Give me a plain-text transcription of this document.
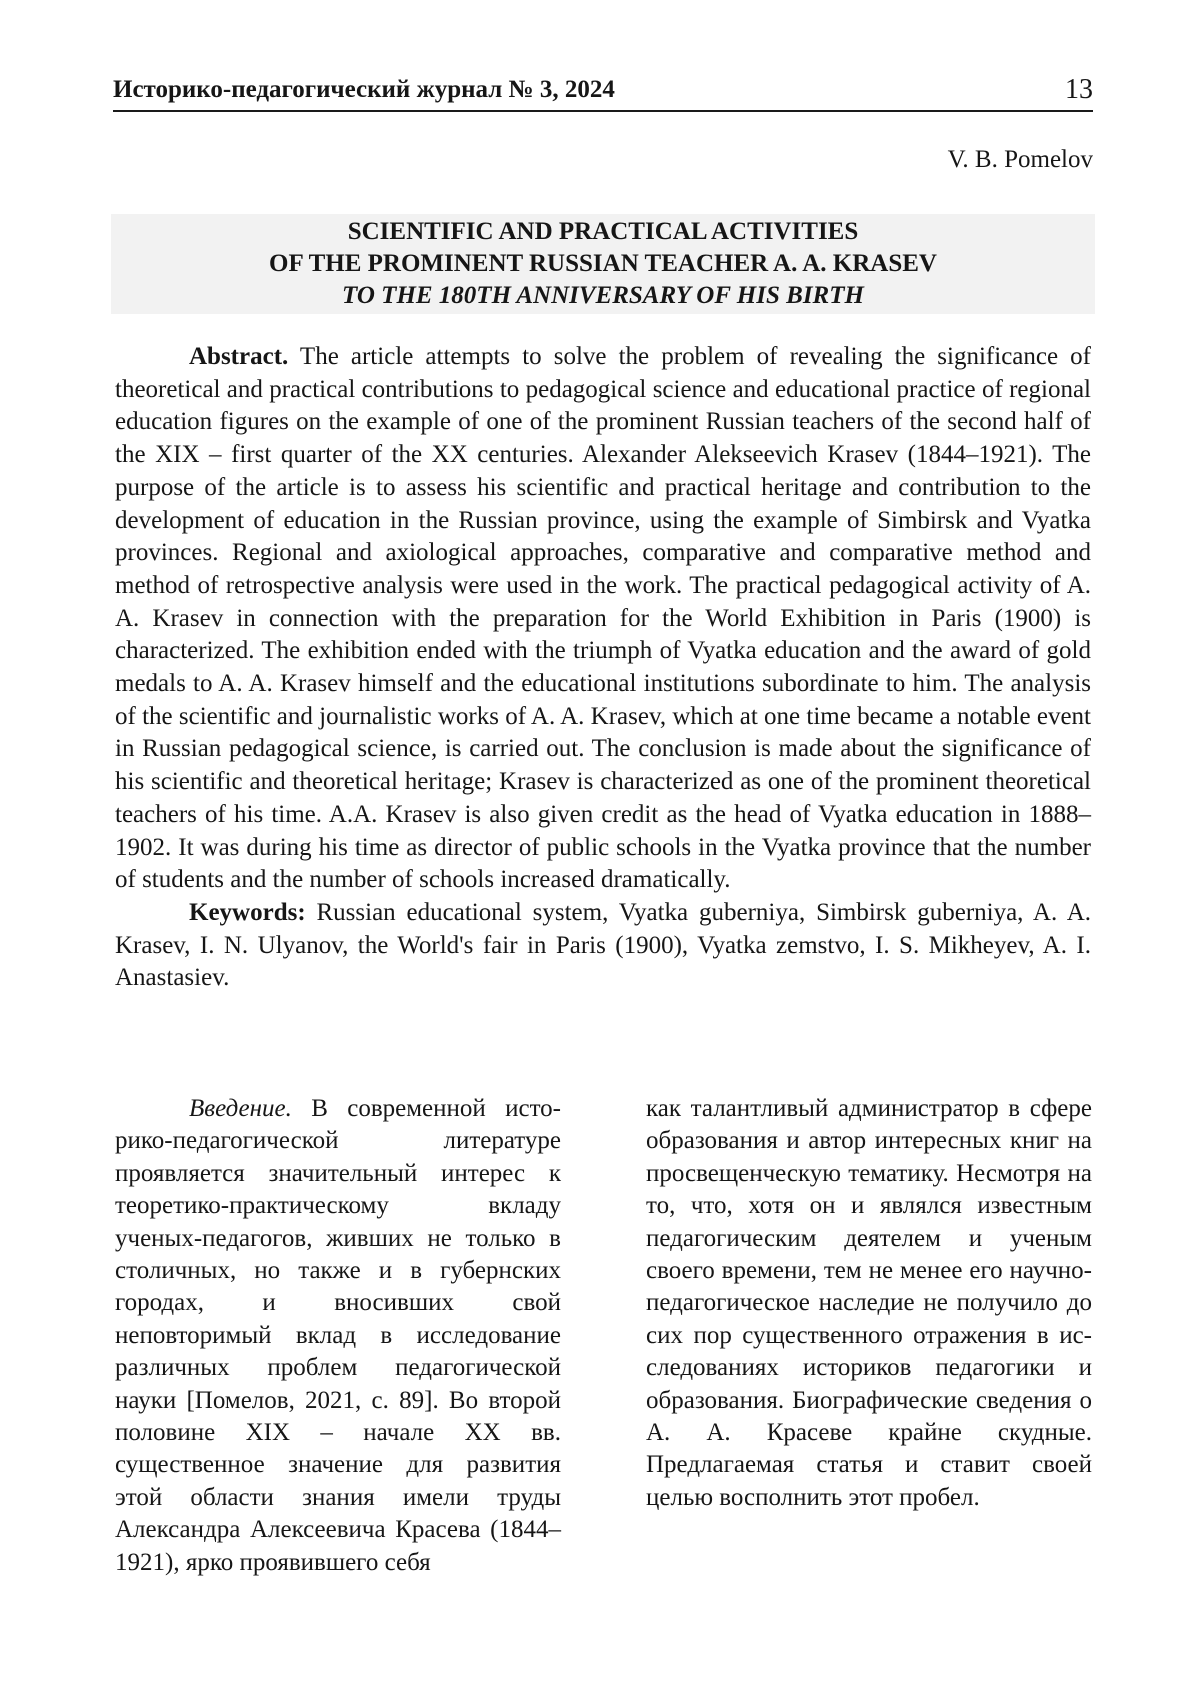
Историко-педагогический журнал № 3, 2024	13
V. B. Pomelov
SCIENTIFIC AND PRACTICAL ACTIVITIES
OF THE PROMINENT RUSSIAN TEACHER A. A. KRASEV
TO THE 180TH ANNIVERSARY OF HIS BIRTH

Abstract. The article attempts to solve the problem of revealing the significance of theoretical and practical contributions to pedagogical science and educational practice of regional education figures on the example of one of the prominent Russian teachers of the second half of the XIX – first quarter of the XX centuries. Alexander Alekseevich Krasev (1844–1921). The purpose of the article is to assess his scientific and practical heritage and contribution to the development of education in the Russian province, using the example of Simbirsk and Vyatka provinces. Regional and axiological approaches, comparative and comparative method and method of retrospective analysis were used in the work. The practical pedagogical activity of A. A. Krasev in connection with the preparation for the World Exhibition in Paris (1900) is characterized. The exhibition ended with the triumph of Vyatka education and the award of gold medals to A. A. Krasev himself and the educational institutions subordinate to him. The analysis of the scientific and journalistic works of A. A. Krasev, which at one time became a notable event in Russian pedagogical science, is carried out. The conclusion is made about the significance of his scientific and theoretical heritage; Krasev is characterized as one of the prominent theoretical teachers of his time. A.A. Krasev is also given credit as the head of Vyatka education in 1888–1902. It was during his time as director of public schools in the Vyatka province that the number of students and the number of schools increased dramatically.

Keywords: Russian educational system, Vyatka guberniya, Simbirsk guberniya, A. A. Krasev, I. N. Ulyanov, the World's fair in Paris (1900), Vyatka zemstvo, I. S. Mikheyev, A. I. Anastasiev.

Введение. В современной историко-педагогической литературе проявляется значительный интерес к теоретико-практическому вкладу ученых-педагогов, живших не только в столичных, но также и в губернских городах, и вносивших свой неповторимый вклад в исследование различных проблем педагогической науки [Помелов, 2021, с. 89]. Во второй половине XIX – начале XX вв. существенное значение для развития этой области знания имели труды Александра Алексеевича Красева (1844–1921), ярко проявившего себя

как талантливый администратор в сфере образования и автор интересных книг на просвещенческую тематику. Несмотря на то, что, хотя он и являлся известным педагогическим деятелем и ученым своего времени, тем не менее его научно-педагогическое наследие не получило до сих пор существенного отражения в исследованиях историков педагогики и образования. Биографические сведения о А. А. Красеве крайне скудные. Предлагаемая статья и ставит своей целью восполнить этот пробел.
